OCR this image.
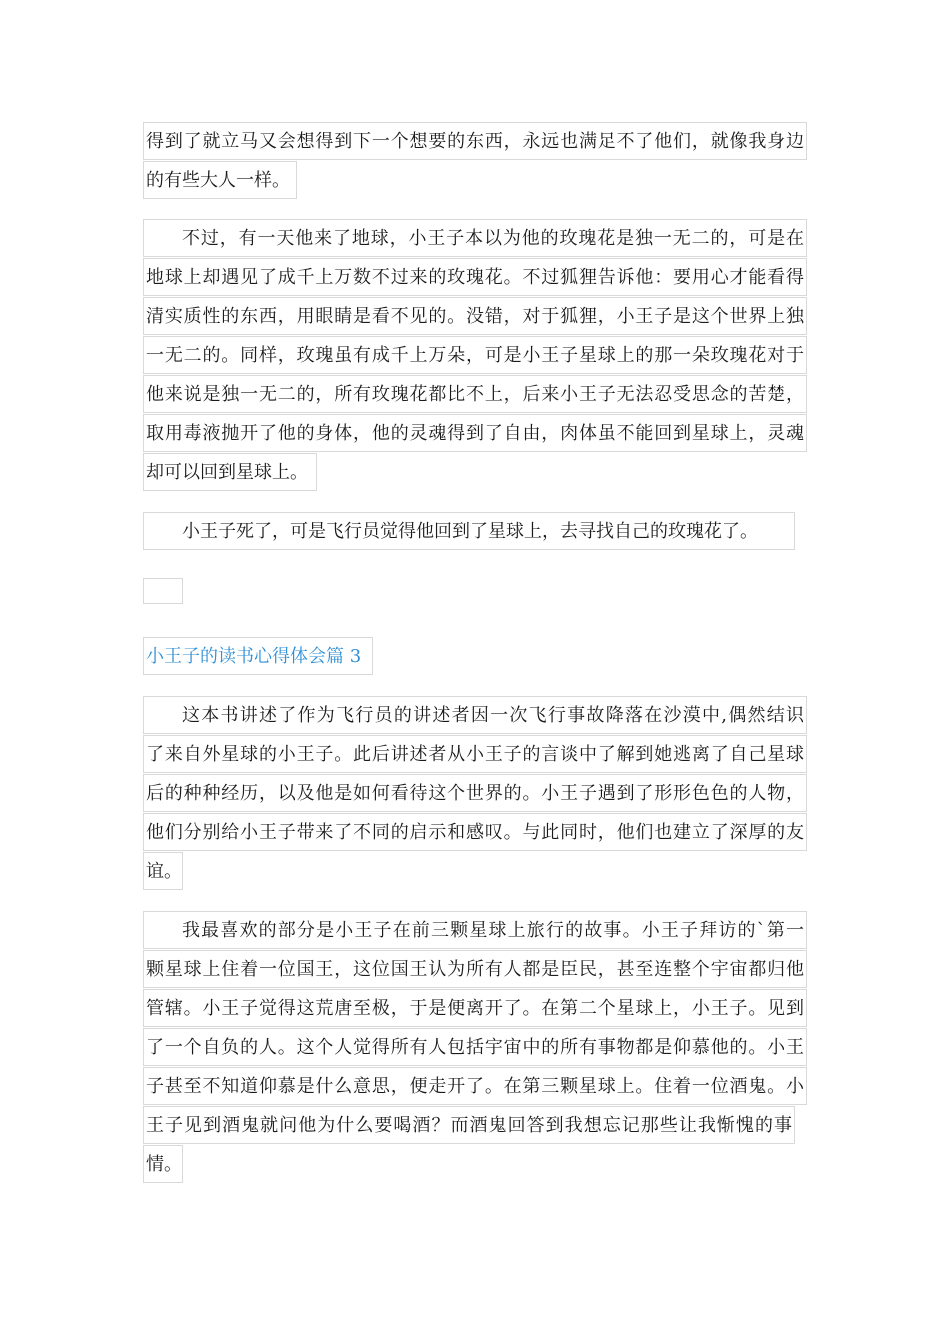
得到了就立马又会想得到下一个想要的东西，永远也满足不了他们，就像我身边
的有些大人一样。
不过，有一天他来了地球，小王子本以为他的玫瑰花是独一无二的，可是在
地球上却遇见了成千上万数不过来的玫瑰花。不过狐狸告诉他：要用心才能看得
清实质性的东西，用眼睛是看不见的。没错，对于狐狸，小王子是这个世界上独
一无二的。同样，玫瑰虽有成千上万朵，可是小王子星球上的那一朵玫瑰花对于
他来说是独一无二的，所有玫瑰花都比不上，后来小王子无法忍受思念的苦楚，
取用毒液抛开了他的身体，他的灵魂得到了自由，肉体虽不能回到星球上，灵魂
却可以回到星球上。
小王子死了，可是飞行员觉得他回到了星球上，去寻找自己的玫瑰花了。
小王子的读书心得体会篇 3
这本书讲述了作为飞行员的讲述者因一次飞行事故降落在沙漠中,偶然结识
了来自外星球的小王子。此后讲述者从小王子的言谈中了解到她逃离了自己星球
后的种种经历，以及他是如何看待这个世界的。小王子遇到了形形色色的人物，
他们分别给小王子带来了不同的启示和感叹。与此同时，他们也建立了深厚的友
谊。
我最喜欢的部分是小王子在前三颗星球上旅行的故事。小王子拜访的`第一
颗星球上住着一位国王，这位国王认为所有人都是臣民，甚至连整个宇宙都归他
管辖。小王子觉得这荒唐至极，于是便离开了。在第二个星球上，小王子。见到
了一个自负的人。这个人觉得所有人包括宇宙中的所有事物都是仰慕他的。小王
子甚至不知道仰慕是什么意思，便走开了。在第三颗星球上。住着一位酒鬼。小
王子见到酒鬼就问他为什么要喝酒？而酒鬼回答到我想忘记那些让我惭愧的事
情。
